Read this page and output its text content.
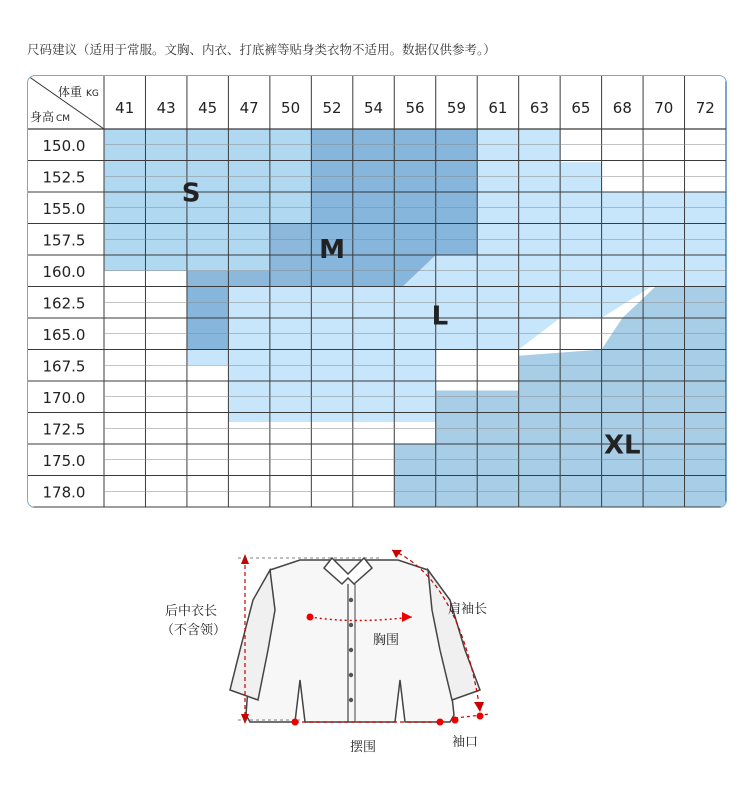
尺码建议（适用于常服。文胸、内衣、打底裤等贴身类衣物不适用。数据仅供参考。）
体重 KG
身高 CM
41 43 45 47 50 52 54 56 59 61 63 65 68 70 72
150.0
152.5
155.0
157.5
160.0
162.5
165.0
167.5
170.0
172.5
175.0
178.0
S
M
L
XL
后中衣长
（不含领）
肩袖长
胸围
摆围	袖口
